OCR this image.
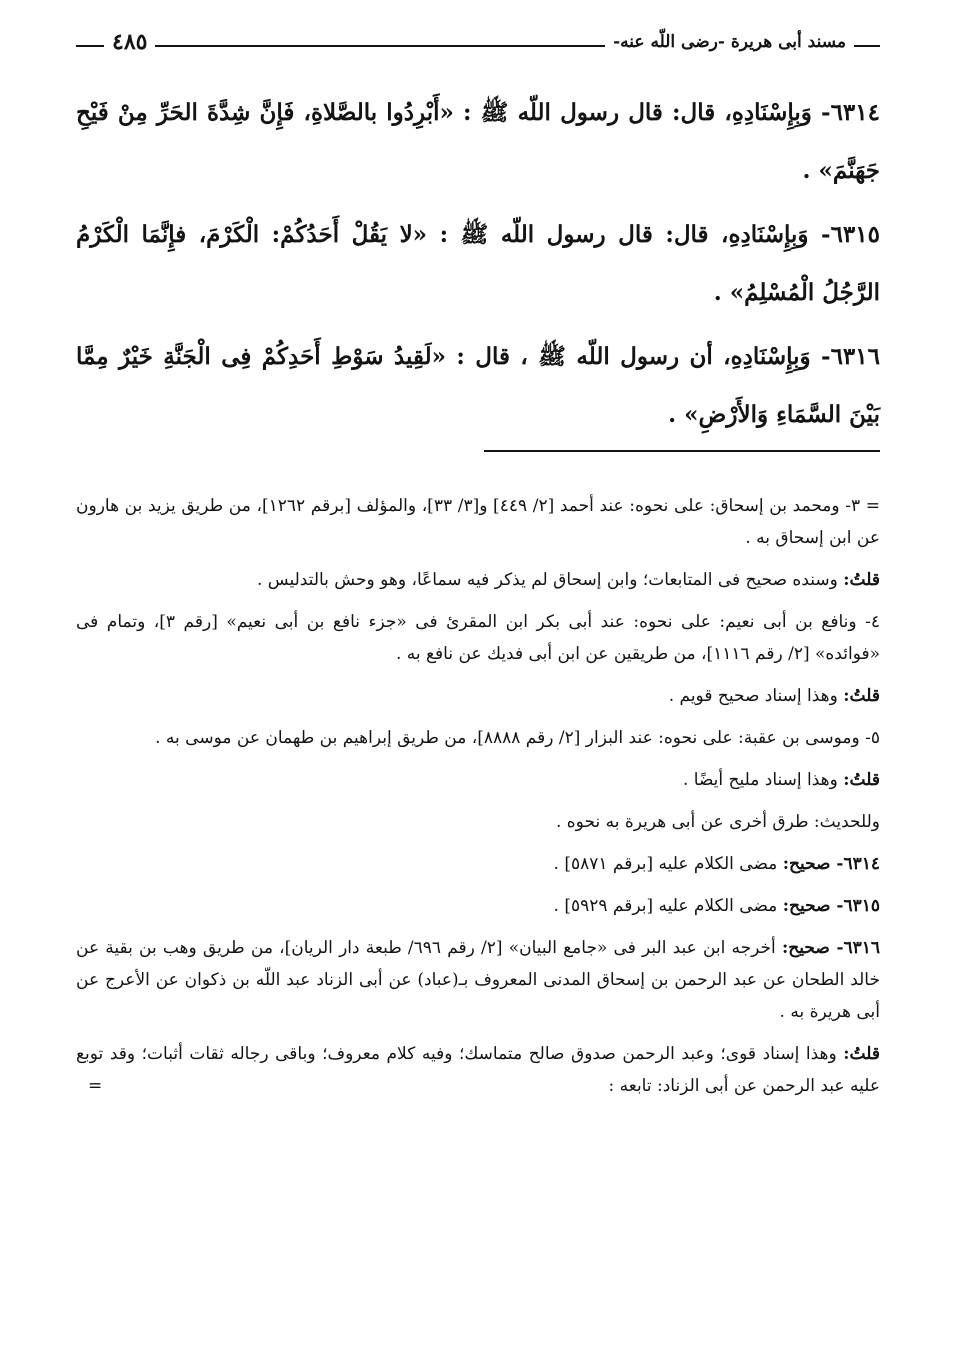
مسند أبى هريرة -رضى اللّه عنه-
٤٨٥

٦٣١٤- وَبِإِسْنَادِهِ، قال: قال رسول اللّه ﷺ : «أَبْرِدُوا بالصَّلاةِ، فَإِنَّ شِدَّةَ الحَرِّ مِنْ فَيْحِ جَهَنَّمَ» .

٦٣١٥- وَبِإِسْنَادِهِ، قال: قال رسول اللّه ﷺ : «لا يَقُلْ أَحَدُكُمْ: الْكَرْمَ، فإِنَّمَا الْكَرْمُ الرَّجُلُ الْمُسْلِمُ» .

٦٣١٦- وَبِإِسْنَادِهِ، أن رسول اللّه ﷺ ، قال : «لَقِيدُ سَوْطِ أَحَدِكُمْ فِى الْجَنَّةِ خَيْرٌ مِمَّا بَيْنَ السَّمَاءِ وَالأَرْضِ» .

= ٣- ومحمد بن إسحاق: على نحوه: عند أحمد [٢/ ٤٤٩] و[٣/ ٣٣]، والمؤلف [برقم ١٢٦٢]، من طريق يزيد بن هارون عن ابن إسحاق به .

قلتُ: وسنده صحيح فى المتابعات؛ وابن إسحاق لم يذكر فيه سماعًا، وهو وحش بالتدليس .

٤- ونافع بن أبى نعيم: على نحوه: عند أبى بكر ابن المقرئ فى «جزء نافع بن أبى نعيم» [رقم ٣]، وتمام فى «فوائده» [٢/ رقم ١١١٦]، من طريقين عن ابن أبى فديك عن نافع به .

قلتُ: وهذا إسناد صحيح قويم .

٥- وموسى بن عقبة: على نحوه: عند البزار [٢/ رقم ٨٨٨٨]، من طريق إبراهيم بن طهمان عن موسى به .

قلتُ: وهذا إسناد مليح أيضًا .

وللحديث: طرق أخرى عن أبى هريرة به نحوه .

٦٣١٤- صحيح: مضى الكلام عليه [برقم ٥٨٧١] .

٦٣١٥- صحيح: مضى الكلام عليه [برقم ٥٩٢٩] .

٦٣١٦- صحيح: أخرجه ابن عبد البر فى «جامع البيان» [٢/ رقم ٦٩٦/ طبعة دار الريان]، من طريق وهب بن بقية عن خالد الطحان عن عبد الرحمن بن إسحاق المدنى المعروف بـ(عباد) عن أبى الزناد عبد اللّه بن ذكوان عن الأعرج عن أبى هريرة به .

قلتُ: وهذا إسناد قوى؛ وعبد الرحمن صدوق صالح متماسك؛ وفيه كلام معروف؛ وباقى رجاله ثقات أثبات؛ وقد توبع عليه عبد الرحمن عن أبى الزناد: تابعه :
=
